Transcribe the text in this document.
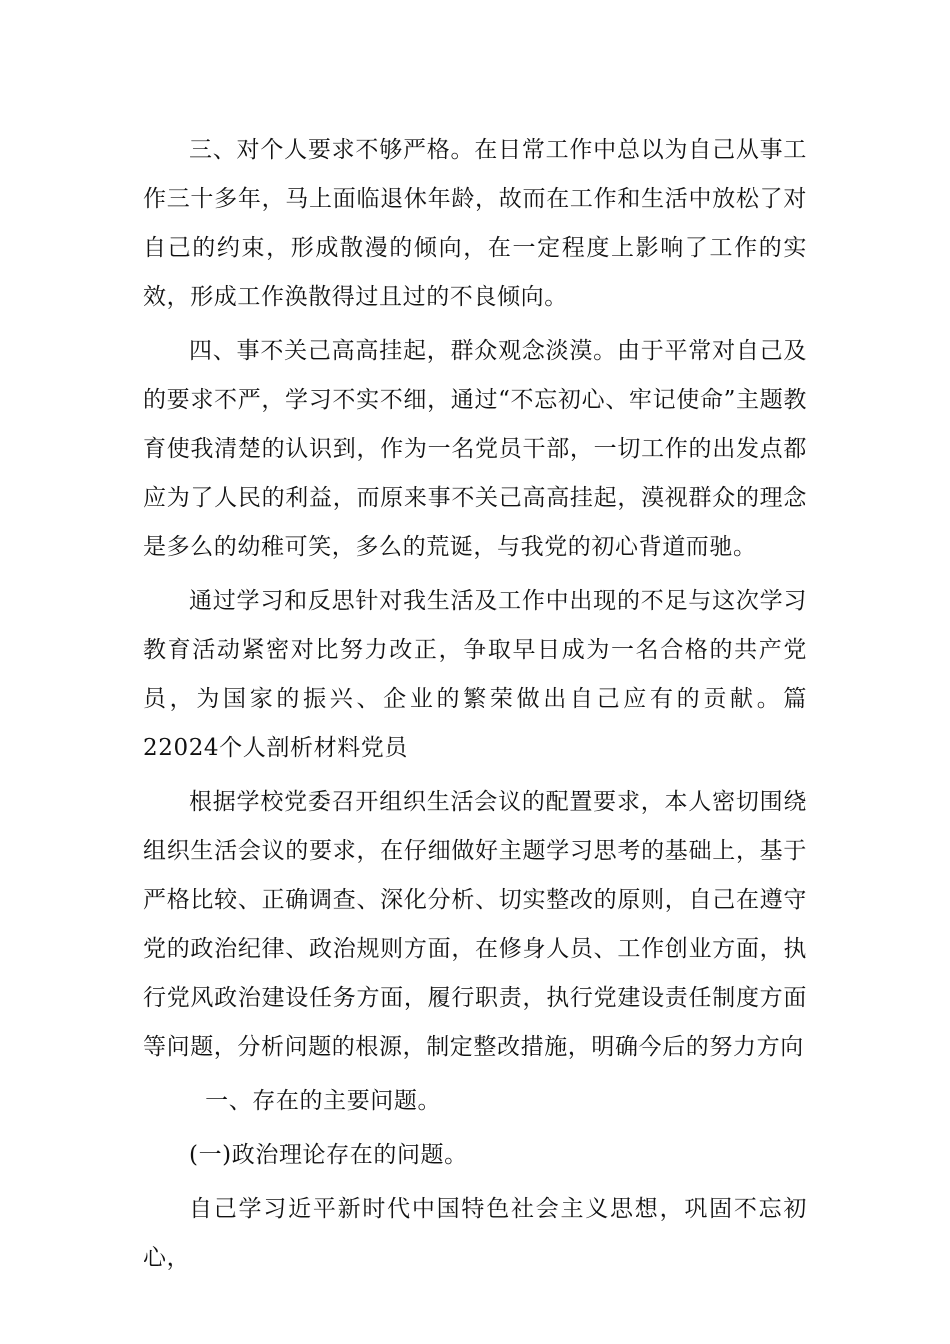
三、对个人要求不够严格。在日常工作中总以为自己从事工作三十多年，马上面临退休年龄，故而在工作和生活中放松了对自己的约束，形成散漫的倾向，在一定程度上影响了工作的实效，形成工作涣散得过且过的不良倾向。

四、事不关己高高挂起，群众观念淡漠。由于平常对自己及的要求不严，学习不实不细，通过“不忘初心、牢记使命”主题教育使我清楚的认识到，作为一名党员干部，一切工作的出发点都应为了人民的利益，而原来事不关己高高挂起，漠视群众的理念是多么的幼稚可笑，多么的荒诞，与我党的初心背道而驰。

通过学习和反思针对我生活及工作中出现的不足与这次学习教育活动紧密对比努力改正，争取早日成为一名合格的共产党员，为国家的振兴、企业的繁荣做出自己应有的贡献。篇22024个人剖析材料党员

根据学校党委召开组织生活会议的配置要求，本人密切围绕组织生活会议的要求，在仔细做好主题学习思考的基础上，基于严格比较、正确调查、深化分析、切实整改的原则，自己在遵守党的政治纪律、政治规则方面，在修身人员、工作创业方面，执行党风政治建设任务方面，履行职责，执行党建设责任制度方面等问题，分析问题的根源，制定整改措施，明确今后的努力方向

一、存在的主要问题。

(一)政治理论存在的问题。

自己学习近平新时代中国特色社会主义思想，巩固不忘初心，
